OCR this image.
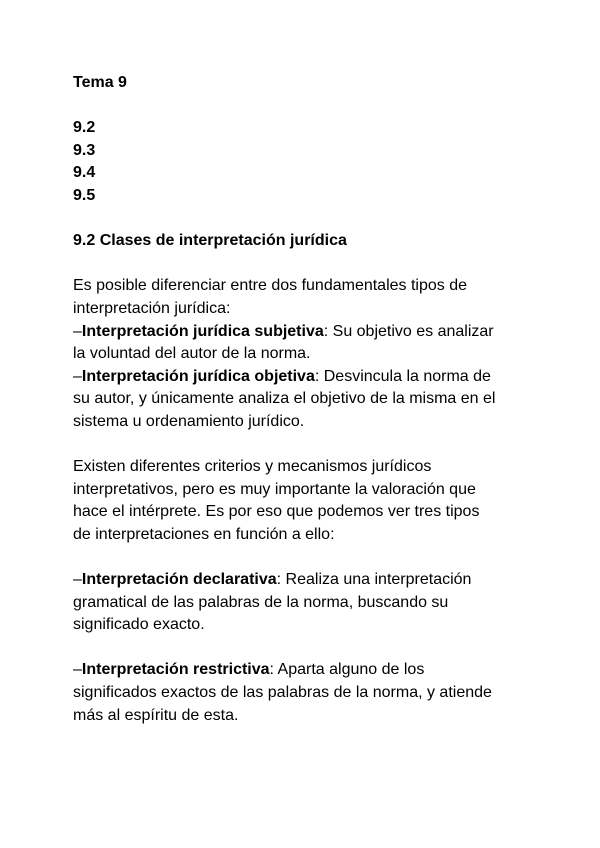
Tema 9
9.2
9.3
9.4
9.5
9.2 Clases de interpretación jurídica
Es posible diferenciar entre dos fundamentales tipos de
interpretación jurídica:
–Interpretación jurídica subjetiva: Su objetivo es analizar
la voluntad del autor de la norma.
–Interpretación jurídica objetiva: Desvincula la norma de
su autor, y únicamente analiza el objetivo de la misma en el
sistema u ordenamiento jurídico.
Existen diferentes criterios y mecanismos jurídicos
interpretativos, pero es muy importante la valoración que
hace el intérprete. Es por eso que podemos ver tres tipos
de interpretaciones en función a ello:
–Interpretación declarativa: Realiza una interpretación
gramatical de las palabras de la norma, buscando su
significado exacto.
–Interpretación restrictiva: Aparta alguno de los
significados exactos de las palabras de la norma, y atiende
más al espíritu de esta.
